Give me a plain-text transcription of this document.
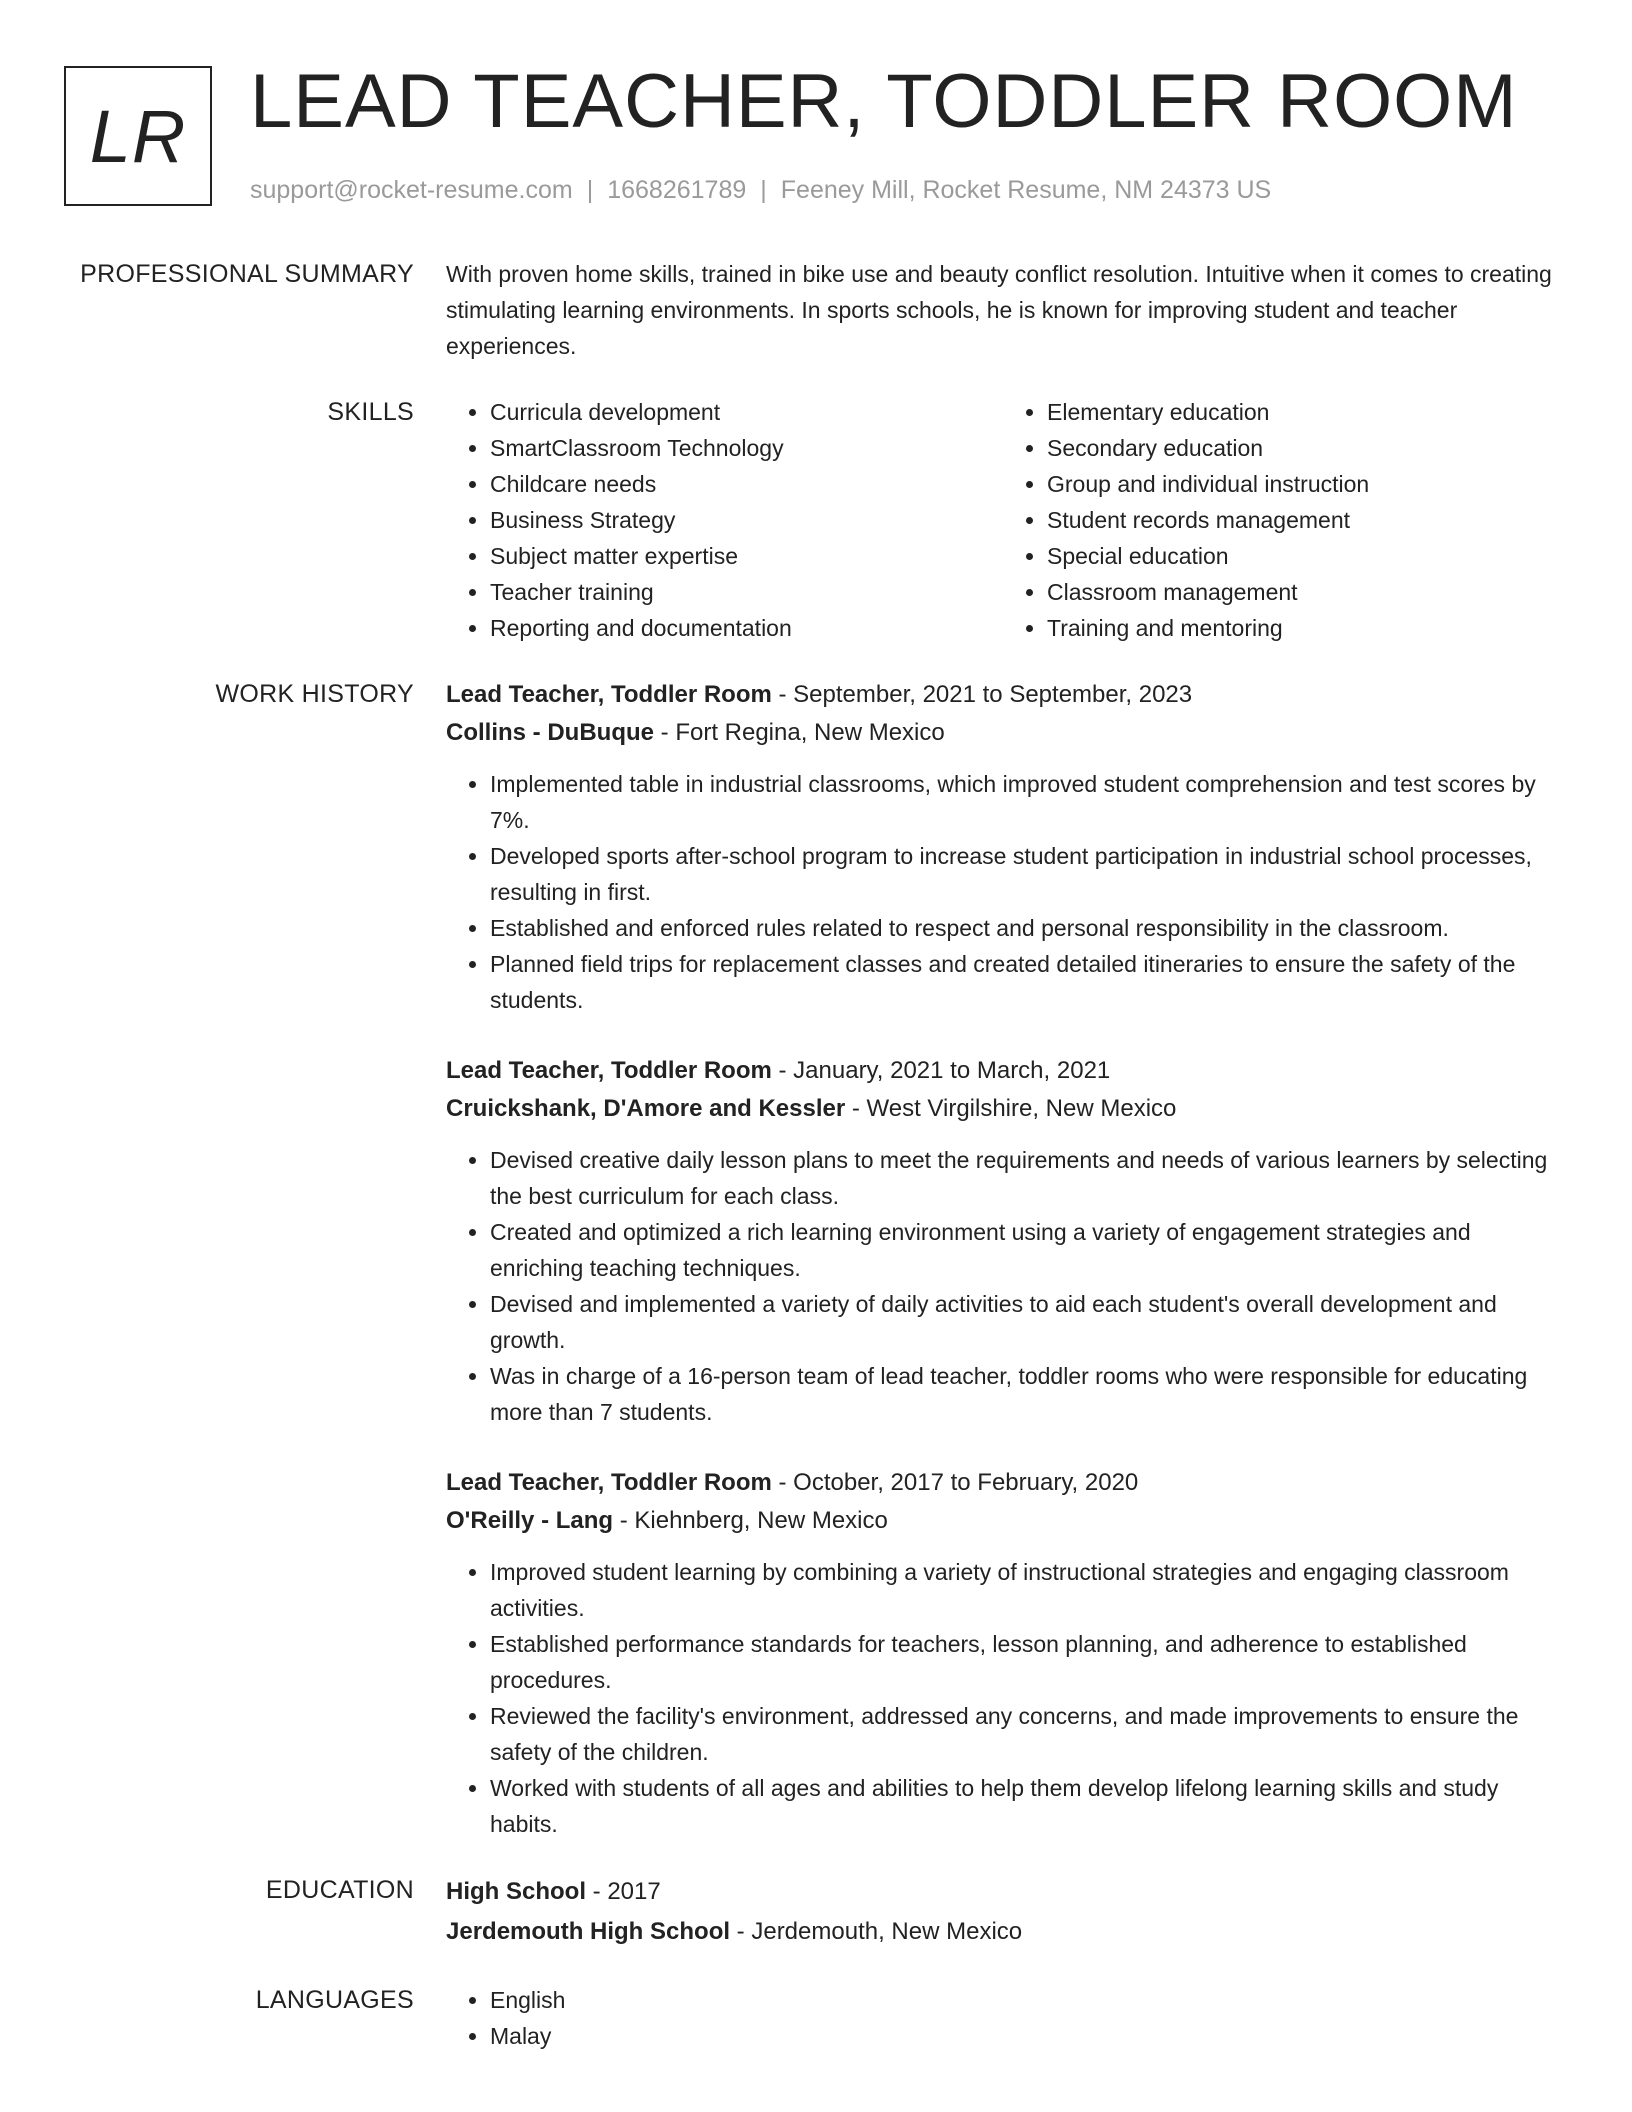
LR LEAD TEACHER, TODDLER ROOM
support@rocket-resume.com | 1668261789 | Feeney Mill, Rocket Resume, NM 24373 US
PROFESSIONAL SUMMARY With proven home skills, trained in bike use and beauty conflict resolution. Intuitive when it comes to creating stimulating learning environments. In sports schools, he is known for improving student and teacher experiences.

SKILLS	• Curricula development
• SmartClassroom Technology
• Childcare needs
• Business Strategy
• Subject matter expertise
• Teacher training
• Reporting and documentation
• Elementary education
• Secondary education
• Group and individual instruction
• Student records management
• Special education
• Classroom management
• Training and mentoring
WORK HISTORY Lead Teacher, Toddler Room - September, 2021 to September, 2023
Collins - DuBuque - Fort Regina, New Mexico
• Implemented table in industrial classrooms, which improved student comprehension and test scores by 7%.
• Developed sports after-school program to increase student participation in industrial school processes, resulting in first.
• Established and enforced rules related to respect and personal responsibility in the classroom.
• Planned field trips for replacement classes and created detailed itineraries to ensure the safety of the students.
Lead Teacher, Toddler Room - January, 2021 to March, 2021
Cruickshank, D'Amore and Kessler - West Virgilshire, New Mexico
• Devised creative daily lesson plans to meet the requirements and needs of various learners by selecting the best curriculum for each class.
• Created and optimized a rich learning environment using a variety of engagement strategies and enriching teaching techniques.
• Devised and implemented a variety of daily activities to aid each student's overall development and growth.
• Was in charge of a 16-person team of lead teacher, toddler rooms who were responsible for educating more than 7 students.
Lead Teacher, Toddler Room - October, 2017 to February, 2020
O'Reilly - Lang - Kiehnberg, New Mexico
• Improved student learning by combining a variety of instructional strategies and engaging classroom activities.
• Established performance standards for teachers, lesson planning, and adherence to established procedures.
• Reviewed the facility's environment, addressed any concerns, and made improvements to ensure the safety of the children.
• Worked with students of all ages and abilities to help them develop lifelong learning skills and study habits.
EDUCATION High School - 2017
Jerdemouth High School - Jerdemouth, New Mexico
LANGUAGES	• English
• Malay
